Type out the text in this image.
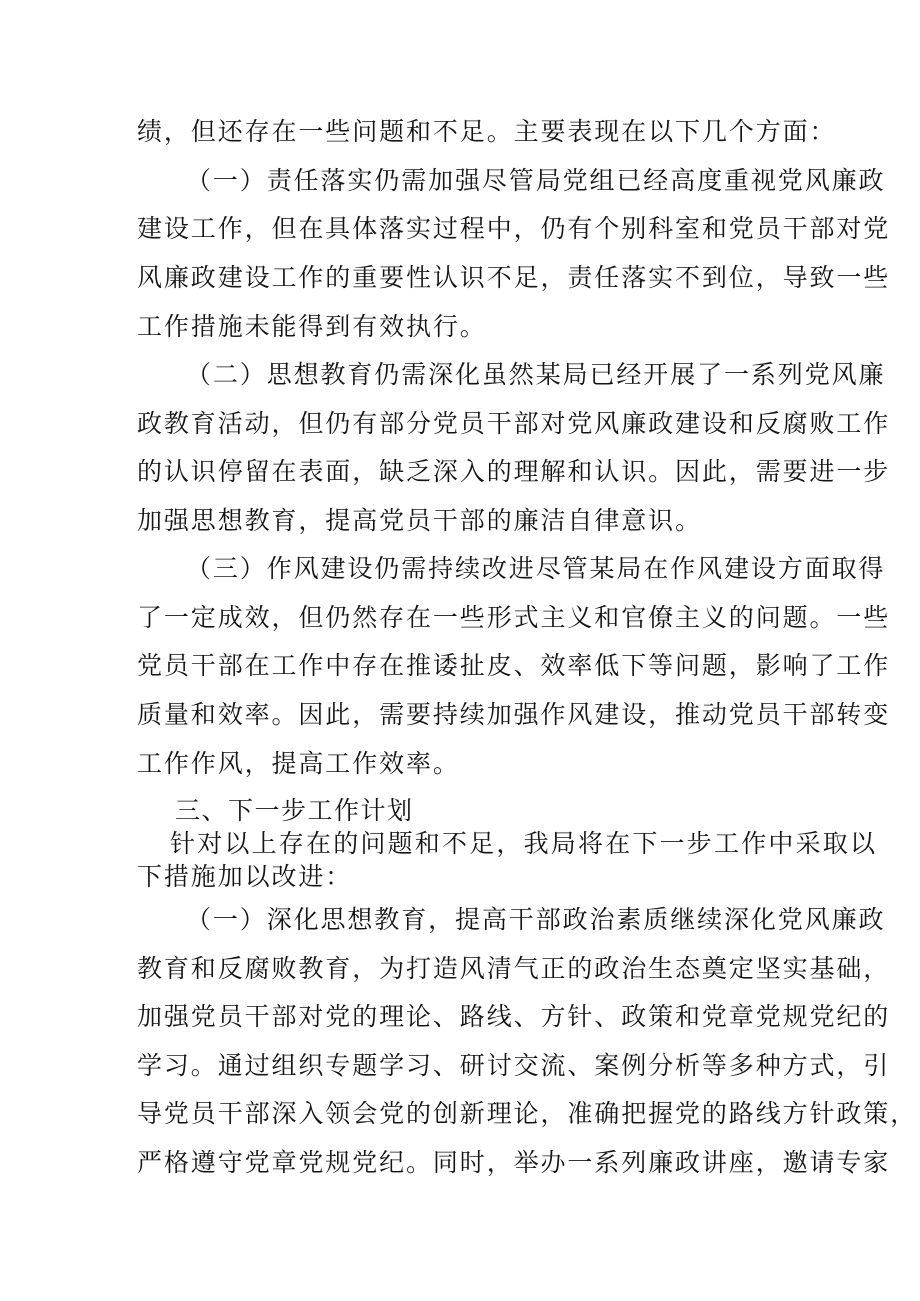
绩，但还存在一些问题和不足。主要表现在以下几个方面：
（一）责任落实仍需加强尽管局党组已经高度重视党风廉政
建设工作，但在具体落实过程中，仍有个别科室和党员干部对党
风廉政建设工作的重要性认识不足，责任落实不到位，导致一些
工作措施未能得到有效执行。
（二）思想教育仍需深化虽然某局已经开展了一系列党风廉
政教育活动，但仍有部分党员干部对党风廉政建设和反腐败工作
的认识停留在表面，缺乏深入的理解和认识。因此，需要进一步
加强思想教育，提高党员干部的廉洁自律意识。
（三）作风建设仍需持续改进尽管某局在作风建设方面取得
了一定成效，但仍然存在一些形式主义和官僚主义的问题。一些
党员干部在工作中存在推诿扯皮、效率低下等问题，影响了工作
质量和效率。因此，需要持续加强作风建设，推动党员干部转变
工作作风，提高工作效率。
三、下一步工作计划
针对以上存在的问题和不足，我局将在下一步工作中采取以
下措施加以改进：
（一）深化思想教育，提高干部政治素质继续深化党风廉政
教育和反腐败教育，为打造风清气正的政治生态奠定坚实基础，
加强党员干部对党的理论、路线、方针、政策和党章党规党纪的
学习。通过组织专题学习、研讨交流、案例分析等多种方式，引
导党员干部深入领会党的创新理论，准确把握党的路线方针政策，
严格遵守党章党规党纪。同时，举办一系列廉政讲座，邀请专家
